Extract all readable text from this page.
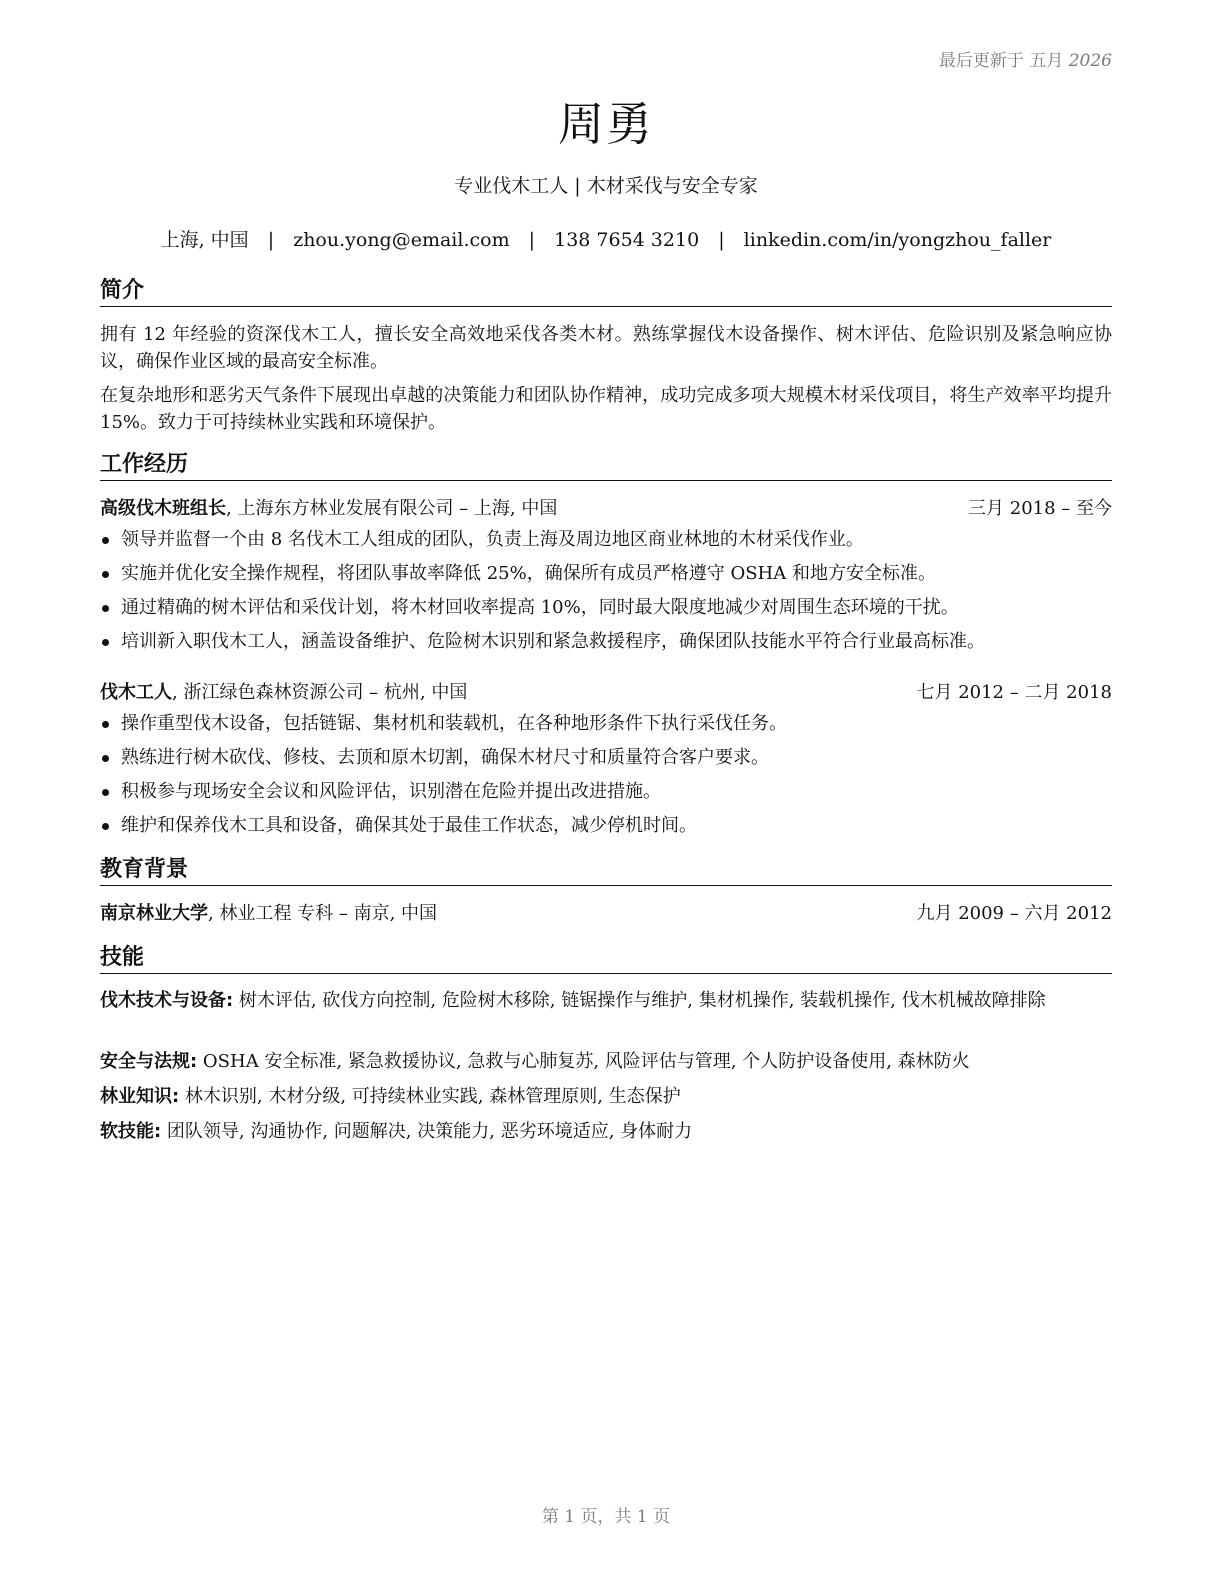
最后更新于 五月 2026
周勇
专业伐木工人 | 木材采伐与安全专家
上海, 中国 | zhou.yong@email.com | 138 7654 3210 | linkedin.com/in/yongzhou_faller
简介
拥有 12 年经验的资深伐木工人，擅长安全高效地采伐各类木材。熟练掌握伐木设备操作、树木评估、危险识别及紧急响应协议，确保作业区域的最高安全标准。
在复杂地形和恶劣天气条件下展现出卓越的决策能力和团队协作精神，成功完成多项大规模木材采伐项目，将生产效率平均提升 15%。致力于可持续林业实践和环境保护。
工作经历
高级伐木班组长, 上海东方林业发展有限公司 – 上海, 中国	三月 2018 – 至今
领导并监督一个由 8 名伐木工人组成的团队，负责上海及周边地区商业林地的木材采伐作业。
实施并优化安全操作规程，将团队事故率降低 25%，确保所有成员严格遵守 OSHA 和地方安全标准。
通过精确的树木评估和采伐计划，将木材回收率提高 10%，同时最大限度地减少对周围生态环境的干扰。
培训新入职伐木工人，涵盖设备维护、危险树木识别和紧急救援程序，确保团队技能水平符合行业最高标准。
伐木工人, 浙江绿色森林资源公司 – 杭州, 中国	七月 2012 – 二月 2018
操作重型伐木设备，包括链锯、集材机和装载机，在各种地形条件下执行采伐任务。
熟练进行树木砍伐、修枝、去顶和原木切割，确保木材尺寸和质量符合客户要求。
积极参与现场安全会议和风险评估，识别潜在危险并提出改进措施。
维护和保养伐木工具和设备，确保其处于最佳工作状态，减少停机时间。
教育背景
南京林业大学, 林业工程 专科 – 南京, 中国	九月 2009 – 六月 2012
技能
伐木技术与设备: 树木评估, 砍伐方向控制, 危险树木移除, 链锯操作与维护, 集材机操作, 装载机操作, 伐木机械故障排除
安全与法规: OSHA 安全标准, 紧急救援协议, 急救与心肺复苏, 风险评估与管理, 个人防护设备使用, 森林防火
林业知识: 林木识别, 木材分级, 可持续林业实践, 森林管理原则, 生态保护
软技能: 团队领导, 沟通协作, 问题解决, 决策能力, 恶劣环境适应, 身体耐力
第 1 页，共 1 页
